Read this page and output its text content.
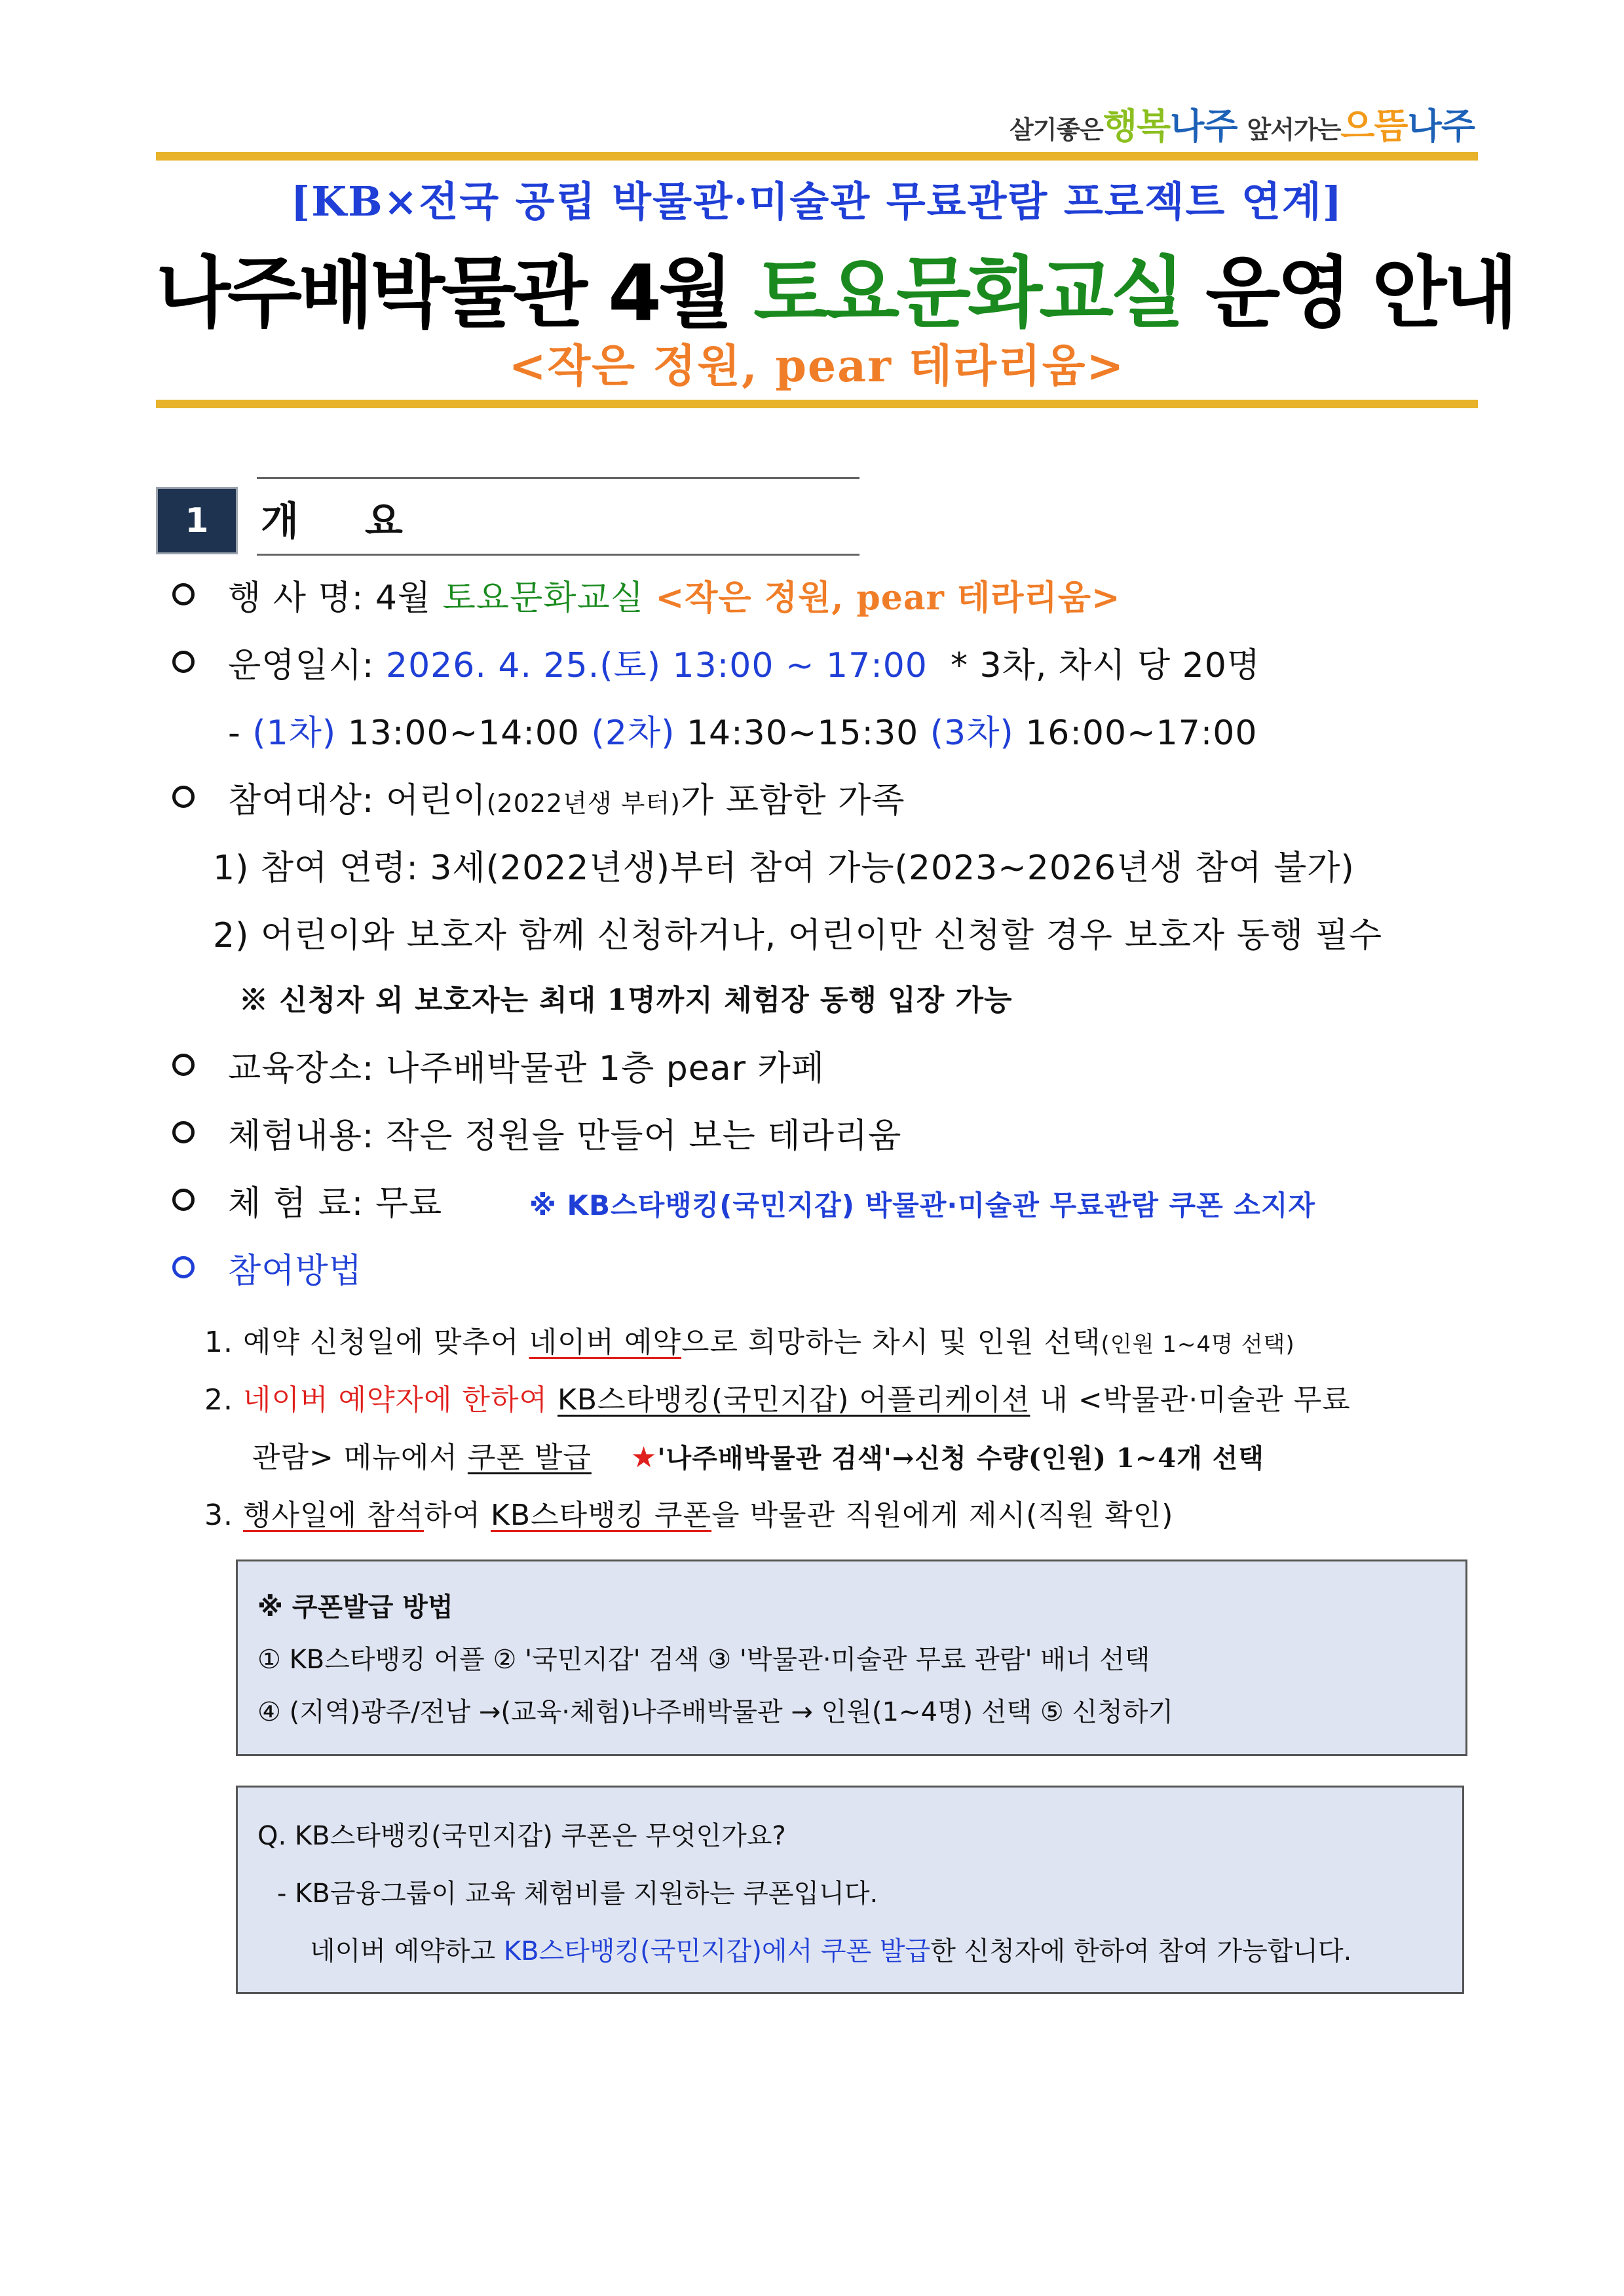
살기좋은행복나주 앞서가는으뜸나주
[KB×전국 공립 박물관·미술관 무료관람 프로젝트 연계]
나주배박물관 4월 토요문화교실 운영 안내
<작은 정원, pear 테라리움>
1	개 요
행 사 명: 4월 토요문화교실 <작은 정원, pear 테라리움>
운영일시: 2026. 4. 25.(토) 13:00 ~ 17:00 * 3차, 차시 당 20명
- (1차) 13:00~14:00 (2차) 14:30~15:30 (3차) 16:00~17:00
참여대상: 어린이(2022년생 부터)가 포함한 가족
1) 참여 연령: 3세(2022년생)부터 참여 가능(2023~2026년생 참여 불가)
2) 어린이와 보호자 함께 신청하거나, 어린이만 신청할 경우 보호자 동행 필수
※ 신청자 외 보호자는 최대 1명까지 체험장 동행 입장 가능
교육장소: 나주배박물관 1층 pear 카페
체험내용: 작은 정원을 만들어 보는 테라리움
체 험 료: 무료	※ KB스타뱅킹(국민지갑) 박물관·미술관 무료관람 쿠폰 소지자
참여방법
1. 예약 신청일에 맞추어 네이버 예약으로 희망하는 차시 및 인원 선택(인원 1~4명 선택)
2. 네이버 예약자에 한하여 KB스타뱅킹(국민지갑) 어플리케이션 내 <박물관·미술관 무료
관람> 메뉴에서 쿠폰 발급 ★'나주배박물관 검색'→신청 수량(인원) 1~4개 선택
3. 행사일에 참석하여 KB스타뱅킹 쿠폰을 박물관 직원에게 제시(직원 확인)
※ 쿠폰발급 방법
① KB스타뱅킹 어플 ② '국민지갑' 검색 ③ '박물관·미술관 무료 관람' 배너 선택
④ (지역)광주/전남 →(교육·체험)나주배박물관 → 인원(1~4명) 선택 ⑤ 신청하기
Q. KB스타뱅킹(국민지갑) 쿠폰은 무엇인가요?
- KB금융그룹이 교육 체험비를 지원하는 쿠폰입니다.
네이버 예약하고 KB스타뱅킹(국민지갑)에서 쿠폰 발급한 신청자에 한하여 참여 가능합니다.
